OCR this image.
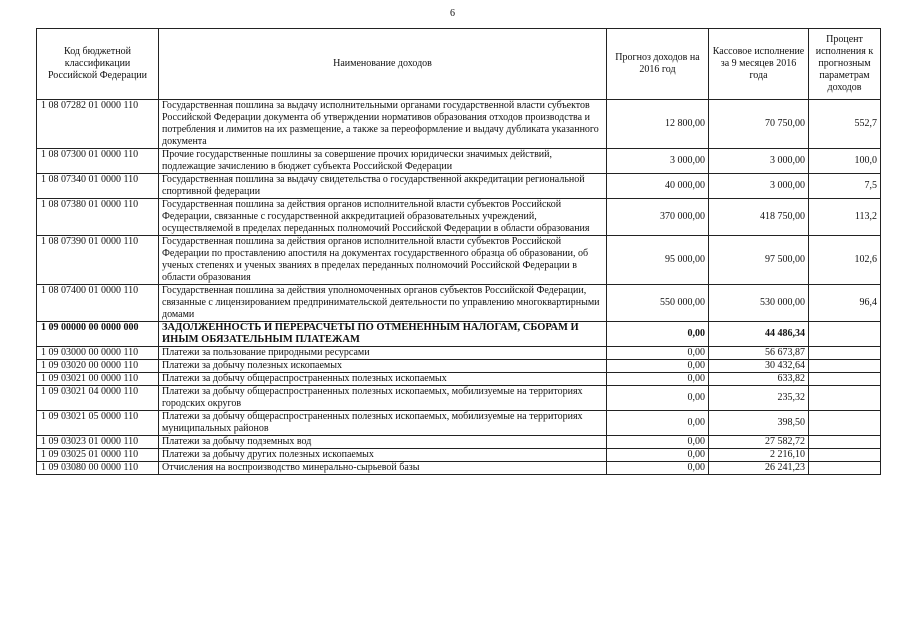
6
Код бюджетной классификации Российской Федерации	Наименование доходов	Прогноз доходов на 2016 год	Кассовое исполнение за 9 месяцев 2016 года	Процент исполнения к прогнозным параметрам доходов
1 08 07282 01 0000 110	Государственная пошлина за выдачу исполнительными органами государственной власти субъектов Российской Федерации документа об утверждении нормативов образования отходов производства и потребления и лимитов на их размещение, а также за переоформление и выдачу дубликата указанного документа	12 800,00	70 750,00	552,7
1 08 07300 01 0000 110	Прочие государственные пошлины за совершение прочих юридически значимых действий, подлежащие зачислению в бюджет субъекта Российской Федерации	3 000,00	3 000,00	100,0
1 08 07340 01 0000 110	Государственная пошлина за выдачу свидетельства о государственной аккредитации региональной спортивной федерации	40 000,00	3 000,00	7,5
1 08 07380 01 0000 110	Государственная пошлина за действия органов исполнительной власти субъектов Российской Федерации, связанные с государственной аккредитацией образовательных учреждений, осуществляемой в пределах переданных полномочий Российской Федерации в области образования	370 000,00	418 750,00	113,2
1 08 07390 01 0000 110	Государственная пошлина за действия органов исполнительной власти субъектов Российской Федерации по проставлению апостиля на документах государственного образца об образовании, об ученых степенях и ученых званиях в пределах переданных полномочий Российской Федерации в области образования	95 000,00	97 500,00	102,6
1 08 07400 01 0000 110	Государственная пошлина за действия уполномоченных органов субъектов Российской Федерации, связанные с лицензированием предпринимательской деятельности по управлению многоквартирными домами	550 000,00	530 000,00	96,4
1 09 00000 00 0000 000	ЗАДОЛЖЕННОСТЬ И ПЕРЕРАСЧЕТЫ ПО ОТМЕНЕННЫМ НАЛОГАМ, СБОРАМ И ИНЫМ ОБЯЗАТЕЛЬНЫМ ПЛАТЕЖАМ	0,00	44 486,34	
1 09 03000 00 0000 110	Платежи за пользование природными ресурсами	0,00	56 673,87	
1 09 03020 00 0000 110	Платежи за добычу полезных ископаемых	0,00	30 432,64	
1 09 03021 00 0000 110	Платежи за добычу общераспространенных полезных ископаемых	0,00	633,82	
1 09 03021 04 0000 110	Платежи за добычу общераспространенных полезных ископаемых, мобилизуемые на территориях городских округов	0,00	235,32	
1 09 03021 05 0000 110	Платежи за добычу общераспространенных полезных ископаемых, мобилизуемые на территориях муниципальных районов	0,00	398,50	
1 09 03023 01 0000 110	Платежи за добычу подземных вод	0,00	27 582,72	
1 09 03025 01 0000 110	Платежи за добычу других полезных ископаемых	0,00	2 216,10	
1 09 03080 00 0000 110	Отчисления на воспроизводство минерально-сырьевой базы	0,00	26 241,23	
